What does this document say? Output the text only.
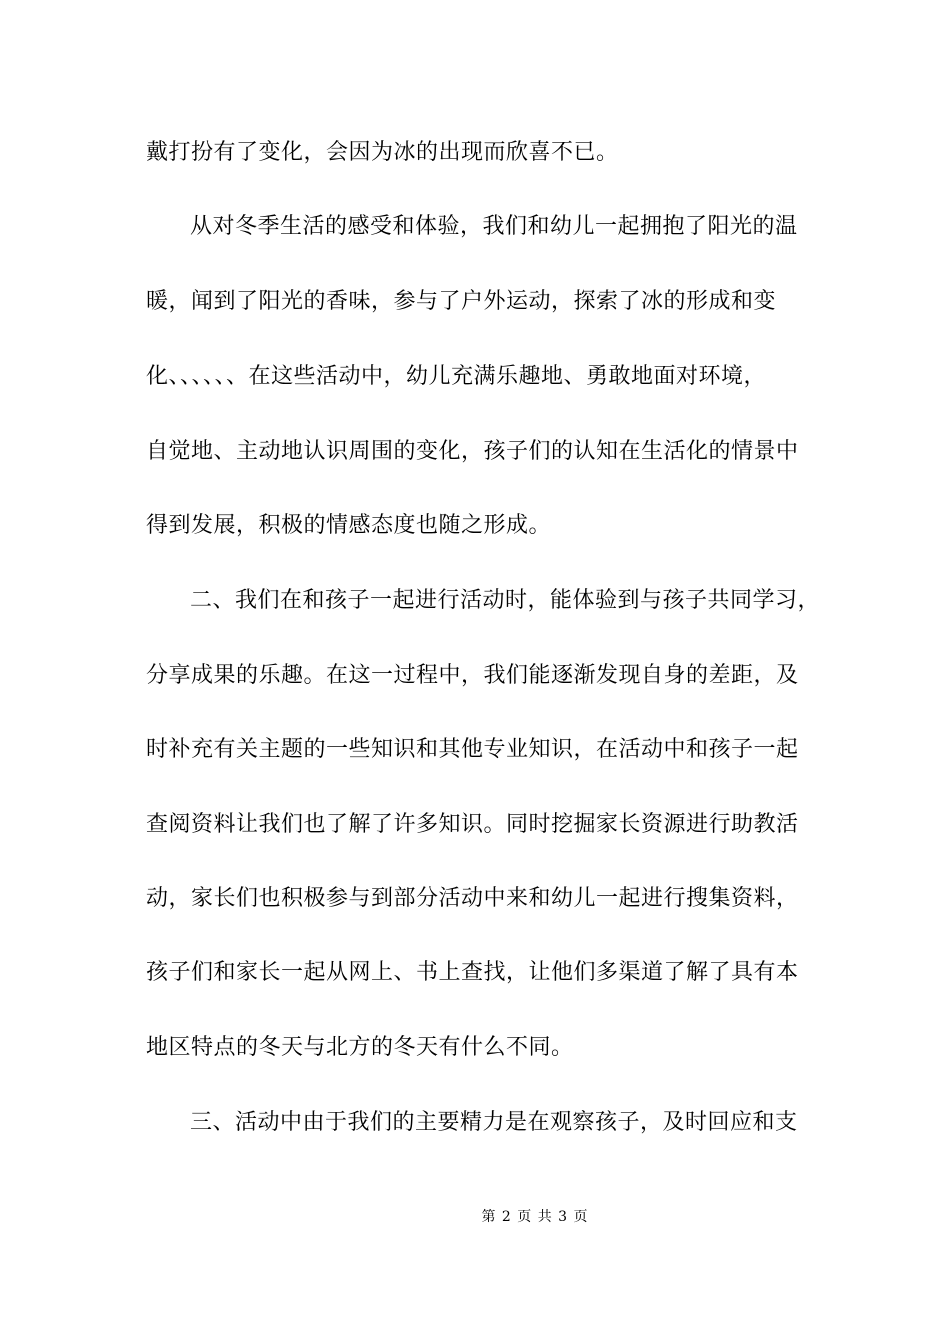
戴打扮有了变化，会因为冰的出现而欣喜不已。

从对冬季生活的感受和体验，我们和幼儿一起拥抱了阳光的温

暖，闻到了阳光的香味，参与了户外运动，探索了冰的形成和变

化、、、、、、在这些活动中，幼儿充满乐趣地、勇敢地面对环境，

自觉地、主动地认识周围的变化，孩子们的认知在生活化的情景中

得到发展，积极的情感态度也随之形成。

二、我们在和孩子一起进行活动时，能体验到与孩子共同学习，

分享成果的乐趣。在这一过程中，我们能逐渐发现自身的差距，及

时补充有关主题的一些知识和其他专业知识，在活动中和孩子一起

查阅资料让我们也了解了许多知识。同时挖掘家长资源进行助教活

动，家长们也积极参与到部分活动中来和幼儿一起进行搜集资料，

孩子们和家长一起从网上、书上查找，让他们多渠道了解了具有本

地区特点的冬天与北方的冬天有什么不同。

三、活动中由于我们的主要精力是在观察孩子，及时回应和支

第 2 页 共 3 页
